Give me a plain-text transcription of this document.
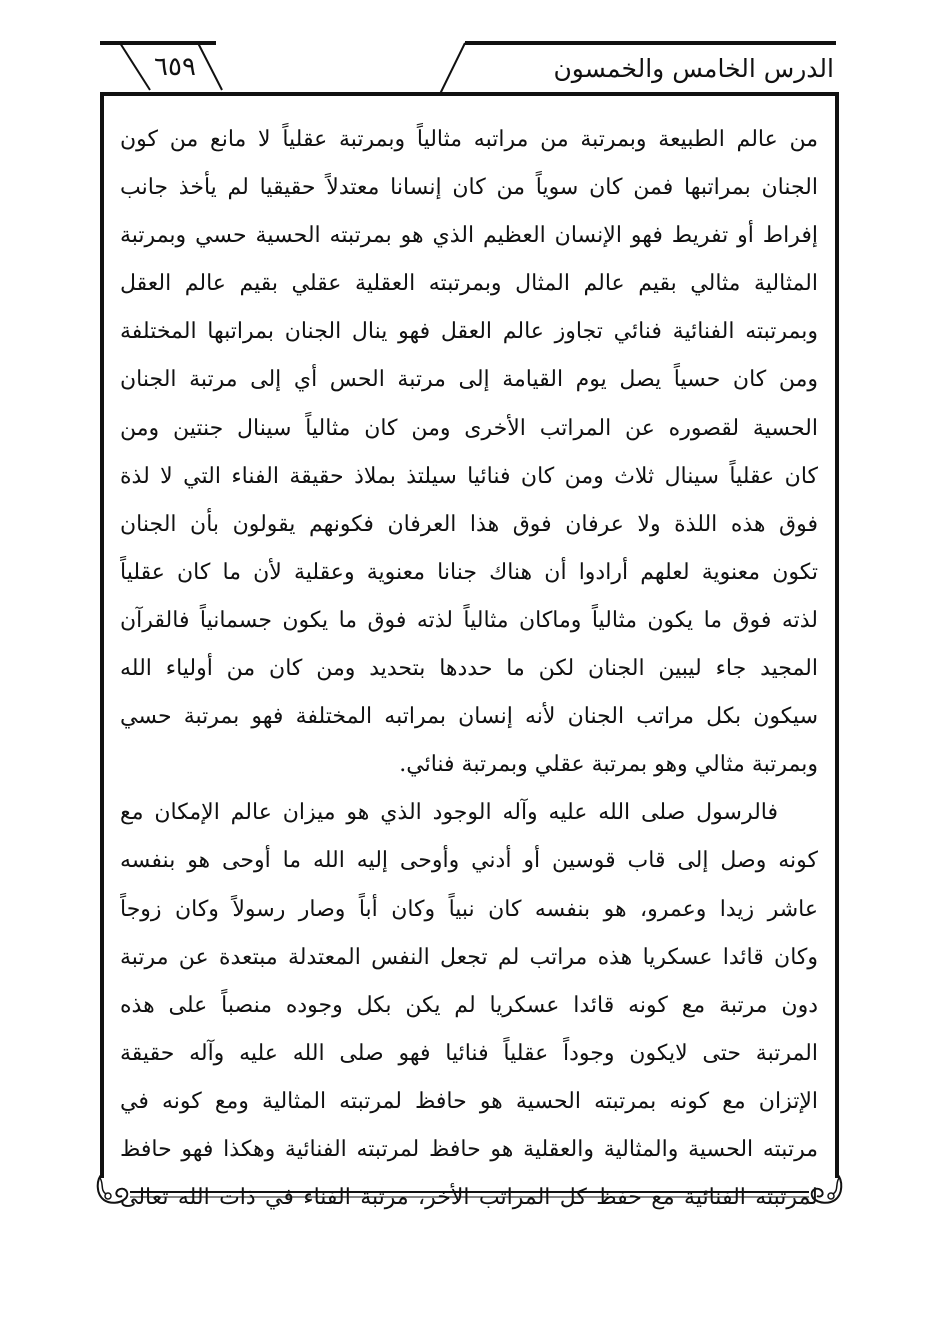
الدرس الخامس والخمسون
٦٥٩
من عالم الطبيعة وبمرتبة من مراتبه مثالياً وبمرتبة عقلياً لا مانع من كون
الجنان بمراتبها فمن كان سوياً من كان إنسانا معتدلاً حقيقيا لم يأخذ جانب
إفراط أو تفريط فهو الإنسان العظيم الذي هو بمرتبته الحسية حسي وبمرتبة
المثالية مثالي بقيم عالم المثال وبمرتبته العقلية عقلي بقيم عالم العقل
وبمرتبته الفنائية فنائي تجاوز عالم العقل فهو ينال الجنان بمراتبها المختلفة
ومن كان حسياً يصل يوم القيامة إلى مرتبة الحس أي إلى مرتبة الجنان
الحسية لقصوره عن المراتب الأخرى ومن كان مثالياً سينال جنتين ومن
كان عقلياً سينال ثلاث ومن كان فنائيا سيلتذ بملاذ حقيقة الفناء التي لا لذة
فوق هذه اللذة ولا عرفان فوق هذا العرفان فكونهم يقولون بأن الجنان
تكون معنوية لعلهم أرادوا أن هناك جنانا معنوية وعقلية لأن ما كان عقلياً
لذته فوق ما يكون مثالياً وماكان مثالياً لذته فوق ما يكون جسمانياً فالقرآن
المجيد جاء ليبين الجنان لكن ما حددها بتحديد ومن كان من أولياء الله
سيكون بكل مراتب الجنان لأنه إنسان بمراتبه المختلفة فهو بمرتبة حسي
وبمرتبة مثالي وهو بمرتبة عقلي وبمرتبة فنائي.
فالرسول صلى الله عليه وآله الوجود الذي هو ميزان عالم الإمكان مع
كونه وصل إلى قاب قوسين أو أدني وأوحى إليه الله ما أوحى هو بنفسه
عاشر زيدا وعمرو، هو بنفسه كان نبياً وكان أباً وصار رسولاً وكان زوجاً
وكان قائدا عسكريا هذه مراتب لم تجعل النفس المعتدلة مبتعدة عن مرتبة
دون مرتبة مع كونه قائدا عسكريا لم يكن بكل وجوده منصباً على هذه
المرتبة حتى لايكون وجوداً عقلياً فنائيا فهو صلى الله عليه وآله حقيقة
الإتزان مع كونه بمرتبته الحسية هو حافظ لمرتبته المثالية ومع كونه في
مرتبته الحسية والمثالية والعقلية هو حافظ لمرتبته الفنائية وهكذا فهو حافظ
لمرتبته الفنائية مع حفظ كل المراتب الأخر، مرتبة الفناء في ذات الله تعالى
